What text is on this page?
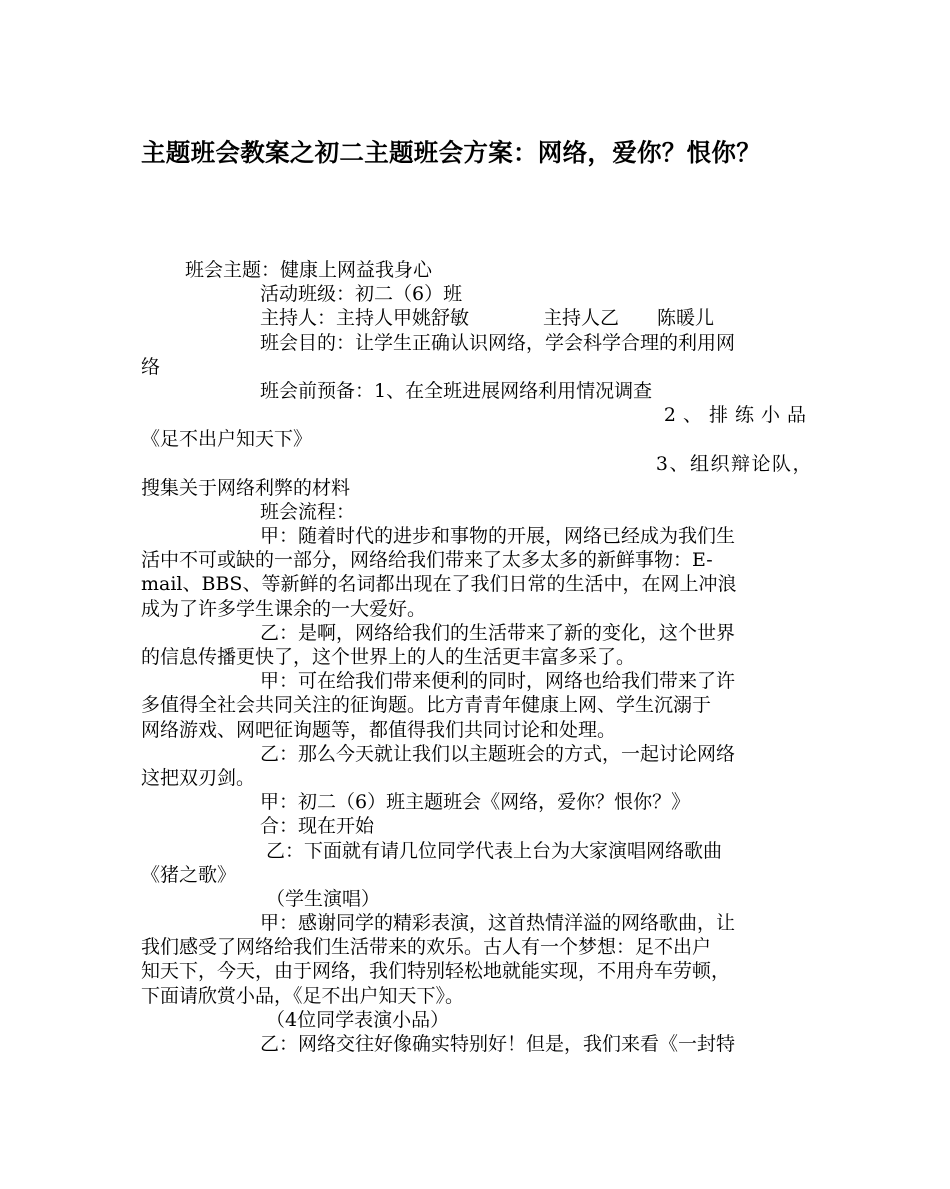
主题班会教案之初二主题班会方案：网络，爱你？恨你？
班会主题：健康上网益我身心
活动班级：初二（6）班
主持人：主持人甲姚舒敏	主持人乙　　陈暖儿
班会目的：让学生正确认识网络，学会科学合理的利用网
络
班会前预备：1、在全班进展网络利用情况调查
2、排练小品
《足不出户知天下》
3、组织辩论队，
搜集关于网络利弊的材料
班会流程：
甲：随着时代的进步和事物的开展，网络已经成为我们生
活中不可或缺的一部分，网络给我们带来了太多太多的新鲜事物：E-
mail、BBS、等新鲜的名词都出现在了我们日常的生活中，在网上冲浪
成为了许多学生课余的一大爱好。
乙：是啊，网络给我们的生活带来了新的变化，这个世界
的信息传播更快了，这个世界上的人的生活更丰富多采了。
甲：可在给我们带来便利的同时，网络也给我们带来了许
多值得全社会共同关注的征询题。比方青青年健康上网、学生沉溺于
网络游戏、网吧征询题等，都值得我们共同讨论和处理。
乙：那么今天就让我们以主题班会的方式，一起讨论网络
这把双刃剑。
甲：初二（6）班主题班会《网络，爱你？恨你？》
合：现在开始
乙：下面就有请几位同学代表上台为大家演唱网络歌曲
《猪之歌》
（学生演唱）
甲：感谢同学的精彩表演，这首热情洋溢的网络歌曲，让
我们感受了网络给我们生活带来的欢乐。古人有一个梦想：足不出户
知天下，今天，由于网络，我们特别轻松地就能实现，不用舟车劳顿，
下面请欣赏小品，《足不出户知天下》。
（4位同学表演小品）
乙：网络交往好像确实特别好！但是，我们来看《一封特
